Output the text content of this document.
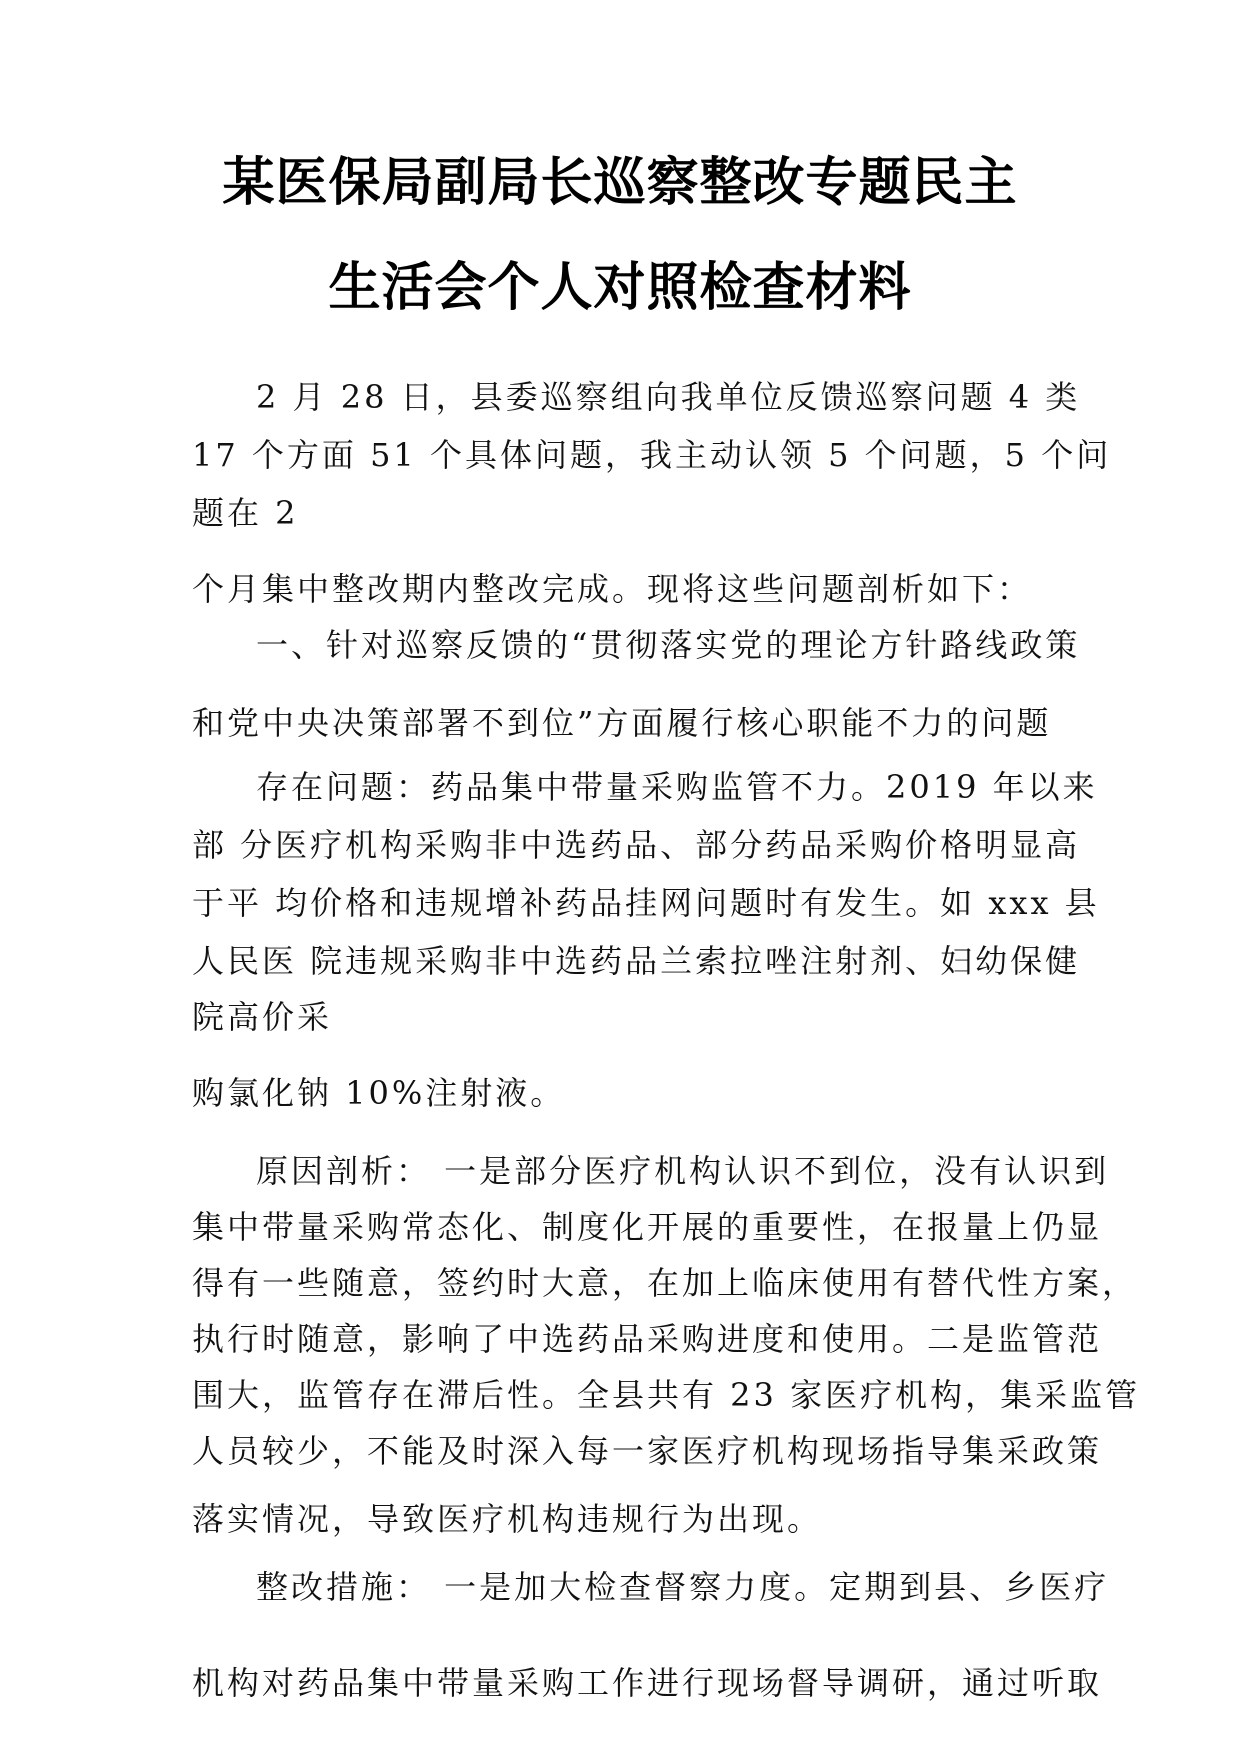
某医保局副局长巡察整改专题民主
生活会个人对照检查材料
2 月 28 日，县委巡察组向我单位反馈巡察问题 4 类
17 个方面 51 个具体问题，我主动认领 5 个问题，5 个问
题在 2
个月集中整改期内整改完成。现将这些问题剖析如下：
一、针对巡察反馈的“贯彻落实党的理论方针路线政策
和党中央决策部署不到位”方面履行核心职能不力的问题
存在问题：药品集中带量采购监管不力。2019 年以来
部 分医疗机构采购非中选药品、部分药品采购价格明显高
于平 均价格和违规增补药品挂网问题时有发生。如 xxx 县
人民医 院违规采购非中选药品兰索拉唑注射剂、妇幼保健
院高价采
购氯化钠 10%注射液。
原因剖析： 一是部分医疗机构认识不到位，没有认识到
集中带量采购常态化、制度化开展的重要性，在报量上仍显
得有一些随意，签约时大意，在加上临床使用有替代性方案，
执行时随意，影响了中选药品采购进度和使用。二是监管范
围大，监管存在滞后性。全县共有 23 家医疗机构，集采监管
人员较少，不能及时深入每一家医疗机构现场指导集采政策
落实情况，导致医疗机构违规行为出现。
整改措施： 一是加大检查督察力度。定期到县、乡医疗
机构对药品集中带量采购工作进行现场督导调研，通过听取
